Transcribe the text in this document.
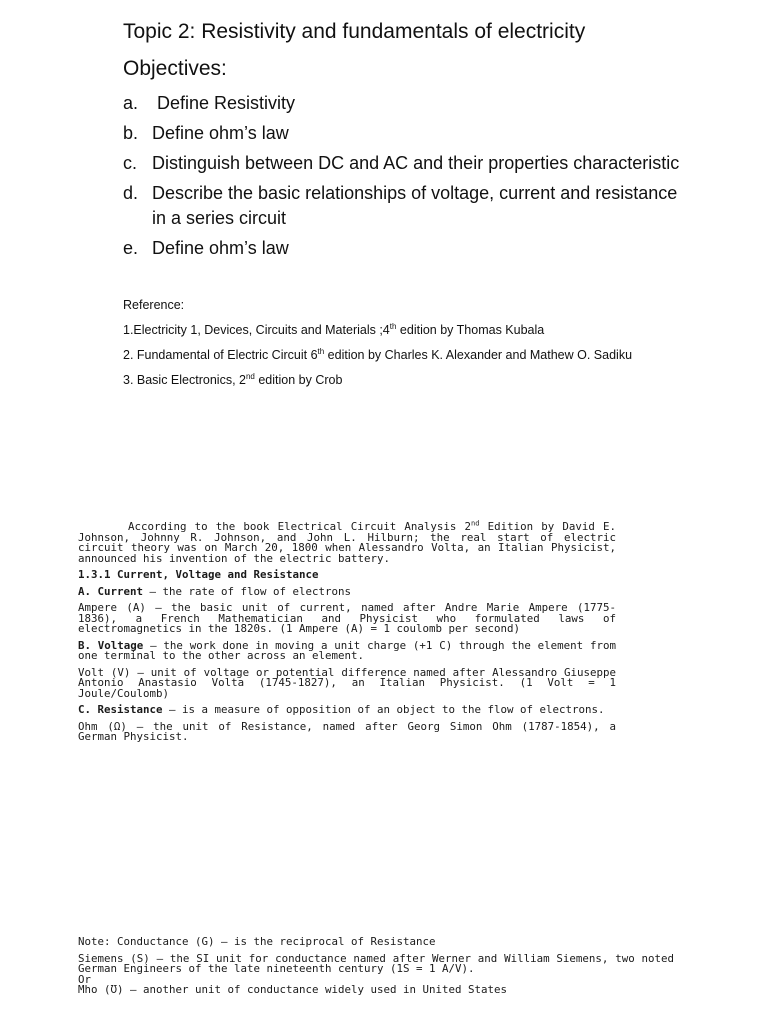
Topic 2: Resistivity and fundamentals of electricity
Objectives:
a. Define Resistivity
b. Define ohm’s law
c. Distinguish between DC and AC and their properties characteristic
d. Describe the basic relationships of voltage, current and resistance in a series circuit
e. Define ohm’s law
Reference:
1.Electricity 1, Devices, Circuits and Materials ;4th edition by Thomas Kubala
2. Fundamental of Electric Circuit 6th edition by Charles K. Alexander and Mathew O. Sadiku
3. Basic Electronics, 2nd edition by Crob

According to the book Electrical Circuit Analysis 2nd Edition by David E. Johnson, Johnny R. Johnson, and John L. Hilburn; the real start of electric circuit theory was on March 20, 1800 when Alessandro Volta, an Italian Physicist, announced his invention of the electric battery.

1.3.1 Current, Voltage and Resistance

A. Current – the rate of flow of electrons

Ampere (A) – the basic unit of current, named after Andre Marie Ampere (1775-1836), a French Mathematician and Physicist who formulated laws of electromagnetics in the 1820s. (1 Ampere (A) = 1 coulomb per second)

B. Voltage – the work done in moving a unit charge (+1 C) through the element from one terminal to the other across an element.

Volt (V) – unit of voltage or potential difference named after Alessandro Giuseppe Antonio Anastasio Volta (1745-1827), an Italian Physicist. (1 Volt = 1 Joule/Coulomb)

C. Resistance – is a measure of opposition of an object to the flow of electrons.

Ohm (Ω) – the unit of Resistance, named after Georg Simon Ohm (1787-1854), a German Physicist.

Note: Conductance (G) – is the reciprocal of Resistance

Siemens (S) – the SI unit for conductance named after Werner and William Siemens, two noted German Engineers of the late nineteenth century (1S = 1 A/V).

Or

Mho (Ʊ) – another unit of conductance widely used in United States
